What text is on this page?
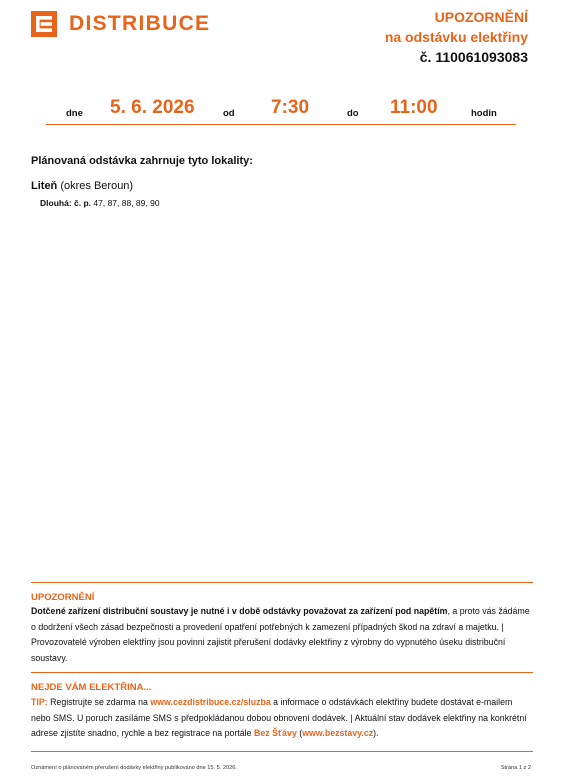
DISTRIBUCE	UPOZORNĚNÍ
na odstávku elektřiny
č. 110061093083
dne 5. 6. 2026	od 7:30	do 11:00	hodin
Plánovaná odstávka zahrnuje tyto lokality:
Liteň (okres Beroun)
Dlouhá: č. p. 47, 87, 88, 89, 90
UPOZORNĚNÍ
Dotčené zařízení distribuční soustavy je nutné i v době odstávky považovat za zařízení pod napětím, a proto vás žádáme o dodržení všech zásad bezpečnosti a provedení opatření potřebných k zamezení případných škod na zdraví a majetku. | Provozovatelé výroben elektřiny jsou povinni zajistit přerušení dodávky elektřiny z výrobny do vypnutého úseku distribuční soustavy.
NEJDE VÁM ELEKTŘINA...
TIP: Registrujte se zdarma na www.cezdistribuce.cz/sluzba a informace o odstávkách elektřiny budete dostávat e-mailem nebo SMS. U poruch zasíláme SMS s předpokládanou dobou obnovení dodávek. | Aktuální stav dodávek elektřiny na konkrétní adrese zjistíte snadno, rychle a bez registrace na portále Bez Šťávy (www.bezstavy.cz).
Oznámení o plánovaném přerušení dodávky elektřiny publikováno dne 15. 5. 2026.	Strana 1 z 2
